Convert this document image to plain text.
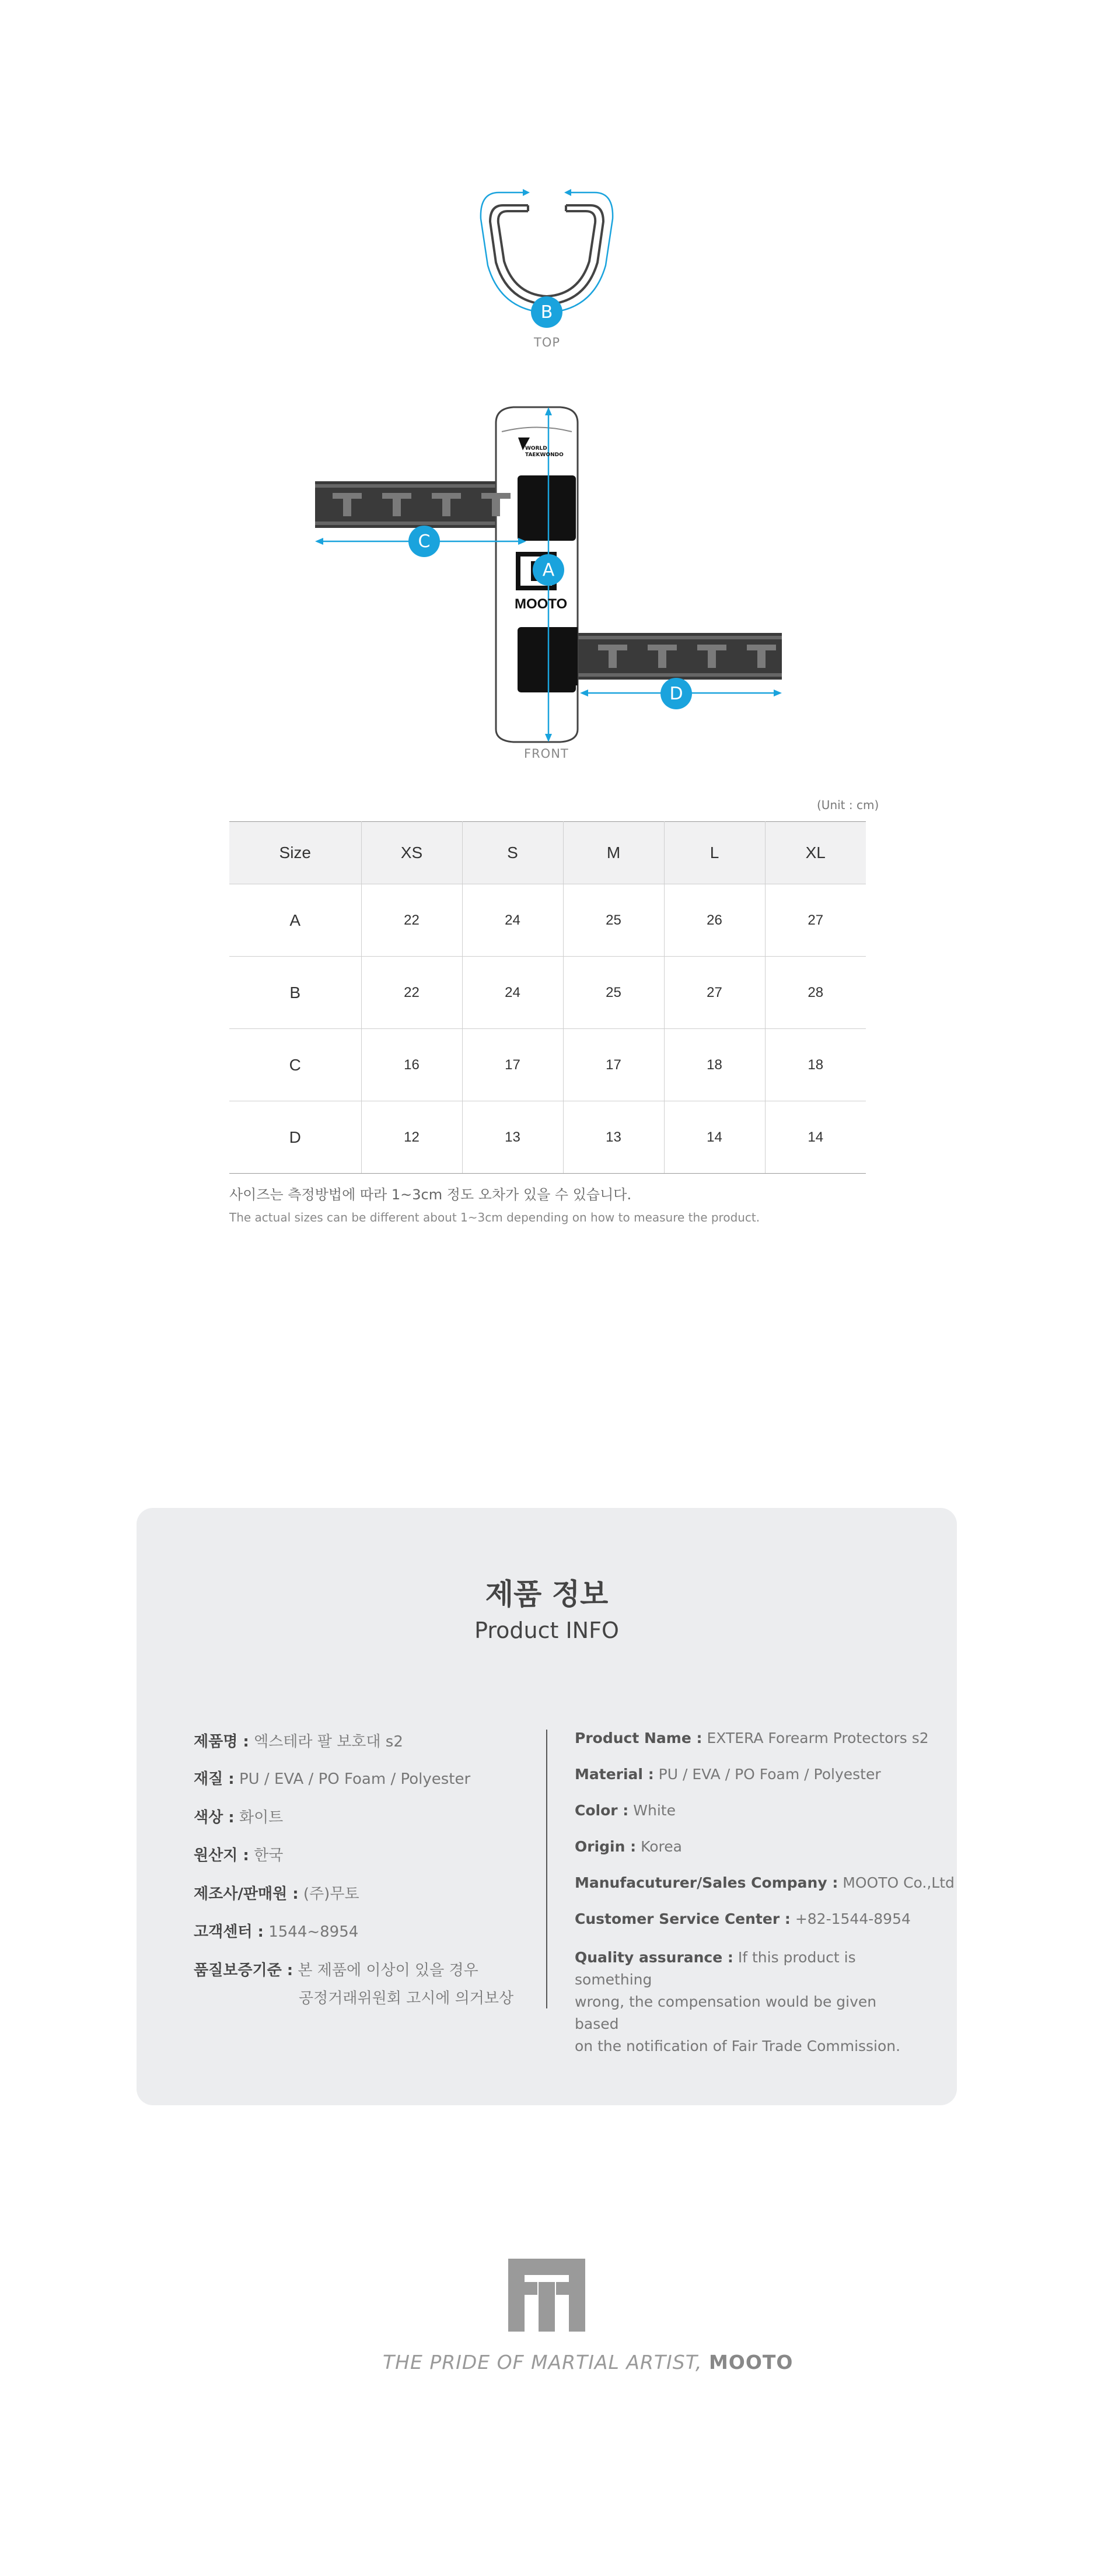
B
TOP
WORLD TAEKWONDO
MOOTO
A
C
D
FRONT
(Unit : cm)
Size	XS	S	M	L	XL
A	22	24	25	26	27
B	22	24	25	27	28
C	16	17	17	18	18
D	12	13	13	14	14
사이즈는 측정방법에 따라 1~3cm 정도 오차가 있을 수 있습니다.
The actual sizes can be different about 1~3cm depending on how to measure the product.
제품 정보
Product INFO
제품명 : 엑스테라 팔 보호대 s2
재질 : PU / EVA / PO Foam / Polyester
색상 : 화이트
원산지 : 한국
제조사/판매원 : (주)무토
고객센터 : 1544~8954
품질보증기준 : 본 제품에 이상이 있을 경우
공정거래위원회 고시에 의거보상
Product Name : EXTERA Forearm Protectors s2
Material : PU / EVA / PO Foam / Polyester
Color : White
Origin : Korea
Manufacuturer/Sales Company : MOOTO Co.,Ltd
Customer Service Center : +82-1544-8954
Quality assurance : If this product is something
wrong, the compensation would be given based
on the notification of Fair Trade Commission.
THE PRIDE OF MARTIAL ARTIST, MOOTO
